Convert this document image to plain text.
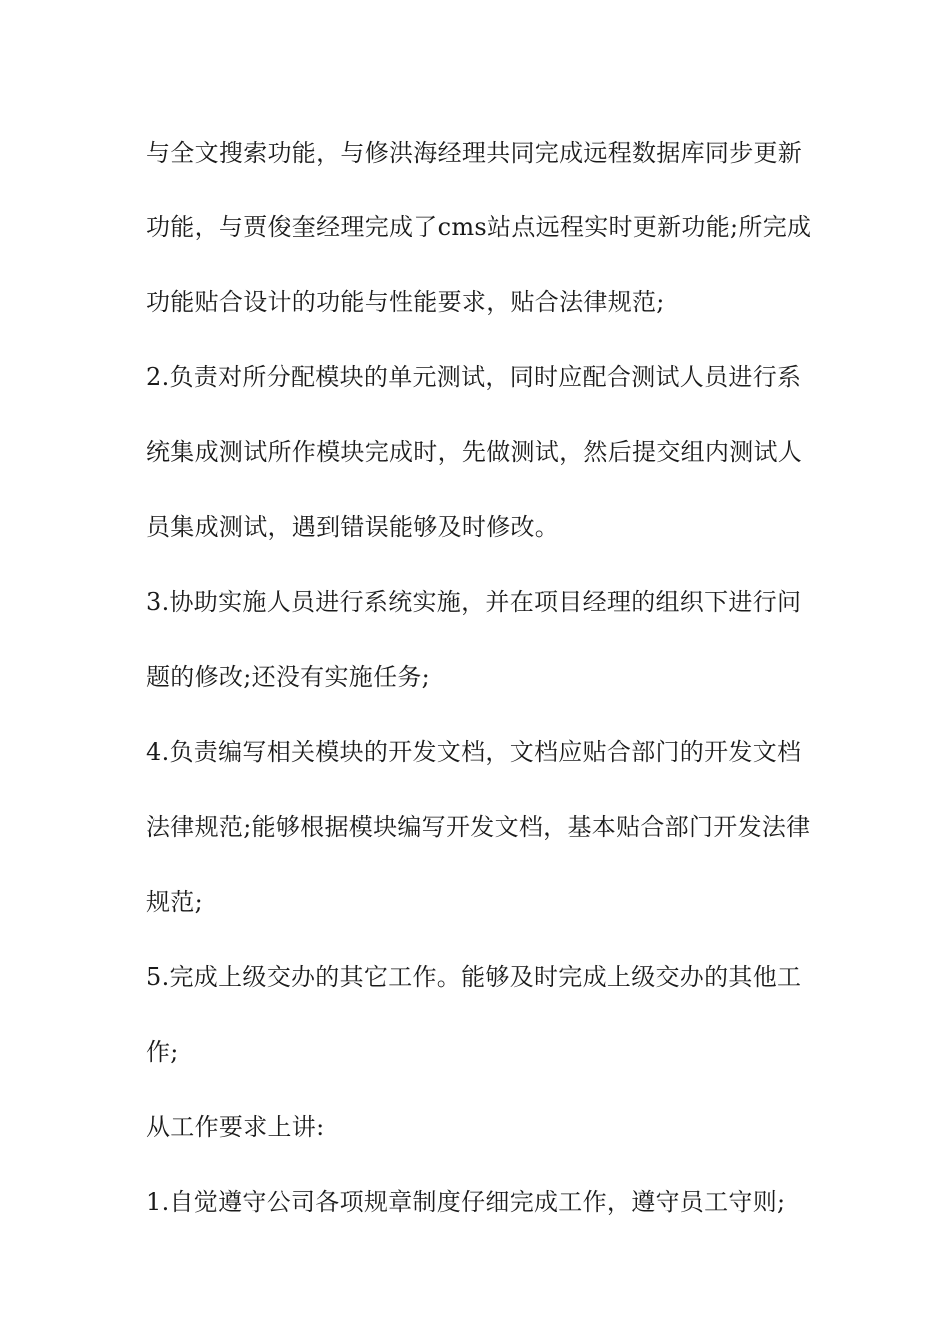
与全文搜索功能，与修洪海经理共同完成远程数据库同步更新
功能，与贾俊奎经理完成了cms站点远程实时更新功能;所完成
功能贴合设计的功能与性能要求，贴合法律规范;
2.负责对所分配模块的单元测试，同时应配合测试人员进行系
统集成测试所作模块完成时，先做测试，然后提交组内测试人
员集成测试，遇到错误能够及时修改。
3.协助实施人员进行系统实施，并在项目经理的组织下进行问
题的修改;还没有实施任务;
4.负责编写相关模块的开发文档，文档应贴合部门的开发文档
法律规范;能够根据模块编写开发文档，基本贴合部门开发法律
规范;
5.完成上级交办的其它工作。能够及时完成上级交办的其他工
作;
从工作要求上讲:
1.自觉遵守公司各项规章制度仔细完成工作，遵守员工守则;
